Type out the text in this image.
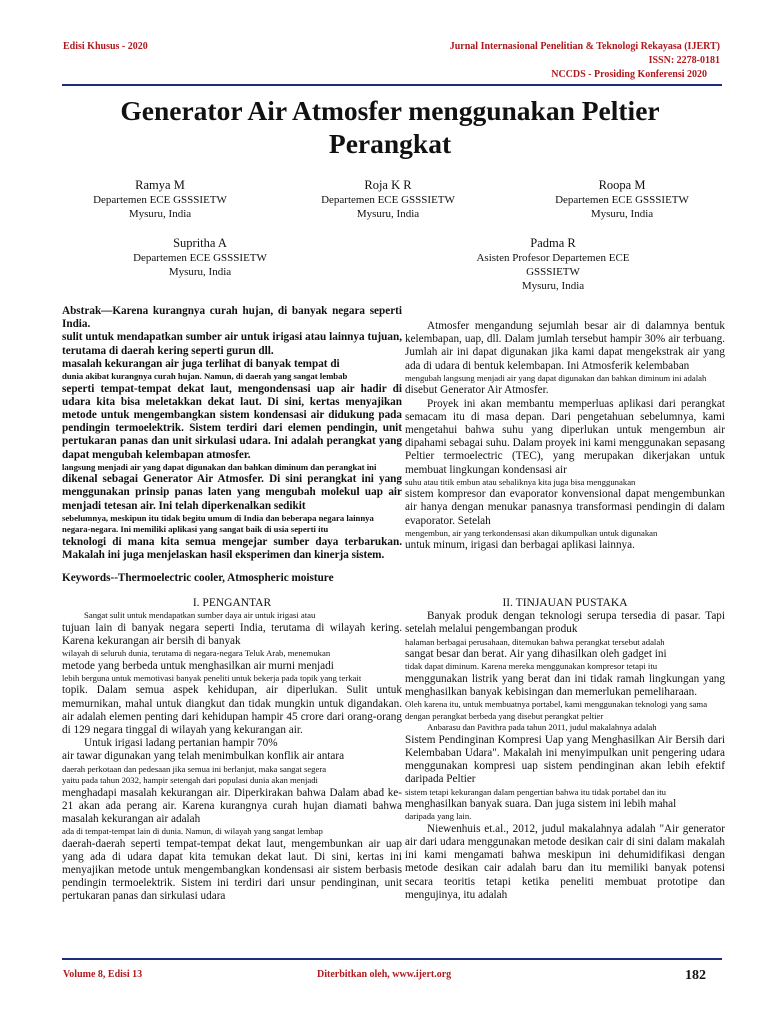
Edisi Khusus - 2020	Jurnal Internasional Penelitian & Teknologi Rekayasa (IJERT)
ISSN: 2278-0181
NCCDS - Prosiding Konferensi 2020
Generator Air Atmosfer menggunakan Peltier Perangkat
Ramya M
Departemen ECE GSSSIETW
Mysuru, India
Roja K R
Departemen ECE GSSSIETW
Mysuru, India
Roopa M
Departemen ECE GSSSIETW
Mysuru, India
Supritha A
Departemen ECE GSSSIETW
Mysuru, India
Padma R
Asisten Profesor Departemen ECE GSSSIETW
Mysuru, India

Abstrak—Karena kurangnya curah hujan, di banyak negara seperti India.

sulit untuk mendapatkan sumber air untuk irigasi atau lainnya tujuan, terutama di daerah kering seperti gurun dll.

masalah kekurangan air juga terlihat di banyak tempat di

dunia akibat kurangnya curah hujan. Namun, di daerah yang sangat lembab

seperti tempat-tempat dekat laut, mengondensasi uap air hadir di udara kita bisa meletakkan dekat laut. Di sini, kertas menyajikan metode untuk mengembangkan sistem kondensasi air didukung pada pendingin termoelektrik. Sistem terdiri dari elemen pendingin, unit pertukaran panas dan unit sirkulasi udara. Ini adalah perangkat yang dapat mengubah kelembapan atmosfer.

langsung menjadi air yang dapat digunakan dan bahkan diminum dan perangkat ini

dikenal sebagai Generator Air Atmosfer. Di sini perangkat ini yang menggunakan prinsip panas laten yang mengubah molekul uap air menjadi tetesan air. Ini telah diperkenalkan sedikit

sebelumnya, meskipun itu tidak begitu umum di India dan beberapa negara lainnya negara-negara. Ini memiliki aplikasi yang sangat baik di usia seperti itu

teknologi di mana kita semua mengejar sumber daya terbarukan. Makalah ini juga menjelaskan hasil eksperimen dan kinerja sistem.

Keywords--Thermoelectric cooler, Atmospheric moisture

I. PENGANTAR

Sangat sulit untuk mendapatkan sumber daya air untuk irigasi atau

tujuan lain di banyak negara seperti India, terutama di wilayah kering. Karena kekurangan air bersih di banyak

wilayah di seluruh dunia, terutama di negara-negara Teluk Arab, menemukan

metode yang berbeda untuk menghasilkan air murni menjadi

lebih berguna untuk memotivasi banyak peneliti untuk bekerja pada topik yang terkait

topik. Dalam semua aspek kehidupan, air diperlukan. Sulit untuk memurnikan, mahal untuk diangkut dan tidak mungkin untuk digandakan. air adalah elemen penting dari kehidupan hampir 45 crore dari orang-orang di 129 negara tinggal di wilayah yang kekurangan air.

Untuk irigasi ladang pertanian hampir 70%

air tawar digunakan yang telah menimbulkan konflik air antara

daerah perkotaan dan pedesaan jika semua ini berlanjut, maka sangat segera

yaitu pada tahun 2032, hampir setengah dari populasi dunia akan menjadi

menghadapi masalah kekurangan air. Diperkirakan bahwa Dalam abad ke-21 akan ada perang air. Karena kurangnya curah hujan diamati bahwa masalah kekurangan air adalah

ada di tempat-tempat lain di dunia. Namun, di wilayah yang sangat lembap

daerah-daerah seperti tempat-tempat dekat laut, mengembunkan air uap yang ada di udara dapat kita temukan dekat laut. Di sini, kertas ini menyajikan metode untuk mengembangkan kondensasi air sistem berbasis pendingin termoelektrik. Sistem ini terdiri dari unsur pendinginan, unit pertukaran panas dan sirkulasi udara

Atmosfer mengandung sejumlah besar air di dalamnya bentuk kelembapan, uap, dll. Dalam jumlah tersebut hampir 30% air terbuang. Jumlah air ini dapat digunakan jika kami dapat mengekstrak air yang ada di udara di bentuk kelembapan. Ini Atmosferik kelembaban

mengubah langsung menjadi air yang dapat digunakan dan bahkan diminum ini adalah

disebut Generator Air Atmosfer.

Proyek ini akan membantu memperluas aplikasi dari perangkat semacam itu di masa depan. Dari pengetahuan sebelumnya, kami mengetahui bahwa suhu yang diperlukan untuk mengembun air dipahami sebagai suhu. Dalam proyek ini kami menggunakan sepasang Peltier termoelectric (TEC), yang merupakan dikerjakan untuk membuat lingkungan kondensasi air

suhu atau titik embun atau sebaliknya kita juga bisa menggunakan

sistem kompresor dan evaporator konvensional dapat mengembunkan air hanya dengan menukar panasnya transformasi pendingin di dalam evaporator. Setelah

mengembun, air yang terkondensasi akan dikumpulkan untuk digunakan

untuk minum, irigasi dan berbagai aplikasi lainnya.

II. TINJAUAN PUSTAKA

Banyak produk dengan teknologi serupa tersedia di pasar. Tapi setelah melalui pengembangan produk

halaman berbagai perusahaan, ditemukan bahwa perangkat tersebut adalah

sangat besar dan berat. Air yang dihasilkan oleh gadget ini

tidak dapat diminum. Karena mereka menggunakan kompresor tetapi itu

menggunakan listrik yang berat dan ini tidak ramah lingkungan yang menghasilkan banyak kebisingan dan memerlukan pemeliharaan.

Oleh karena itu, untuk membuatnya portabel, kami menggunakan teknologi yang sama

dengan perangkat berbeda yang disebut perangkat peltier

Anbarasu dan Pavithra pada tahun 2011, judul makalahnya adalah

Sistem Pendinginan Kompresi Uap yang Menghasilkan Air Bersih dari Kelembaban Udara". Makalah ini menyimpulkan unit pengering udara menggunakan kompresi uap sistem pendinginan akan lebih efektif daripada Peltier

sistem tetapi kekurangan dalam pengertian bahwa itu tidak portabel dan itu

menghasilkan banyak suara. Dan juga sistem ini lebih mahal

daripada yang lain.

Niewenhuis et.al., 2012, judul makalahnya adalah "Air generator air dari udara menggunakan metode desikan cair di sini dalam makalah ini kami mengamati bahwa meskipun ini dehumidifikasi dengan metode desikan cair adalah baru dan itu memiliki banyak potensi secara teoritis tetapi ketika peneliti membuat prototipe dan mengujinya, itu adalah

Volume 8, Edisi 13	Diterbitkan oleh, www.ijert.org	182
